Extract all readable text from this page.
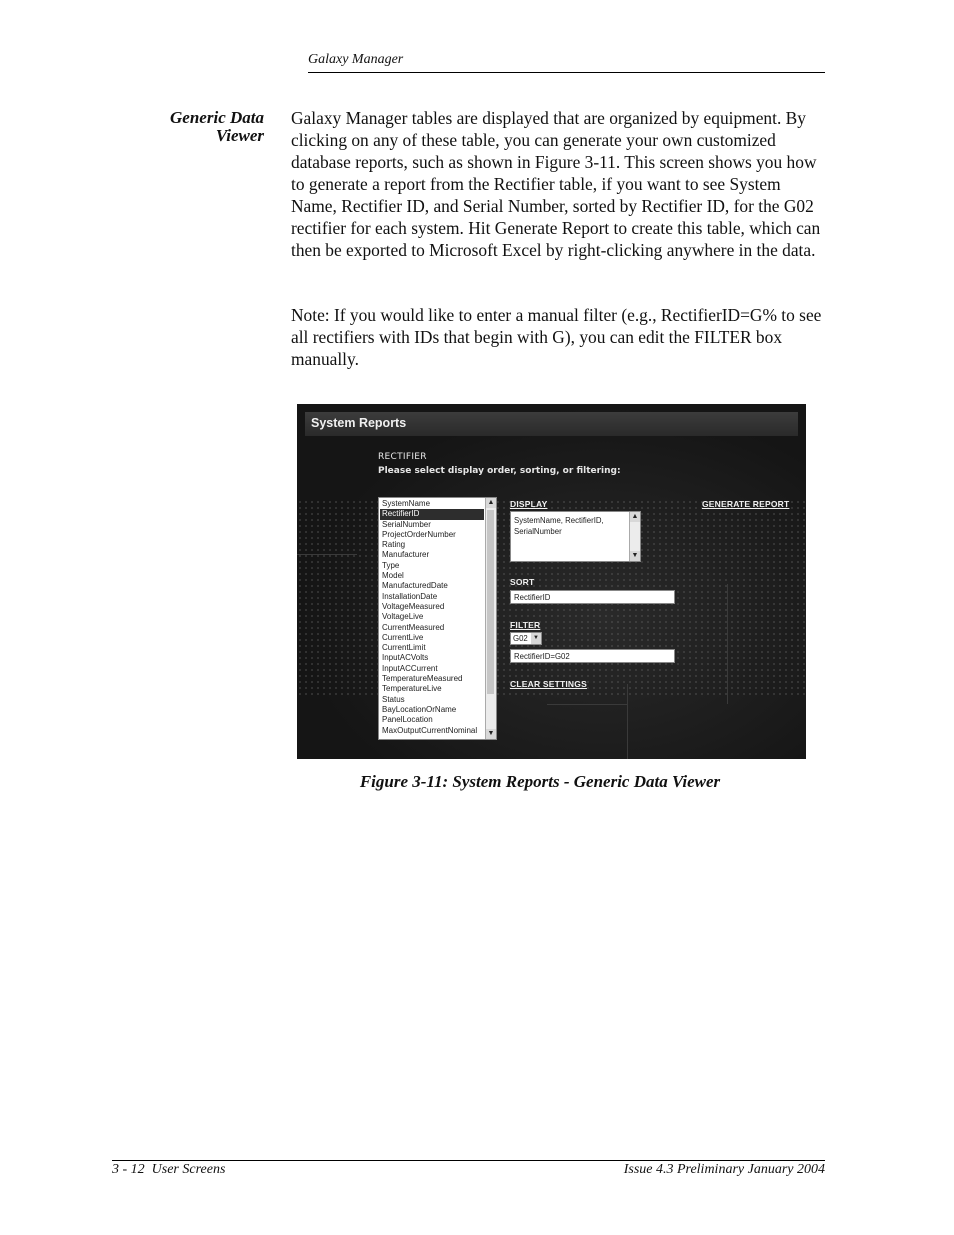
Galaxy Manager
Generic Data
Viewer

Galaxy Manager tables are displayed that are organized by equipment. By clicking on any of these table, you can generate your own customized database reports, such as shown in Figure 3-11. This screen shows you how to generate a report from the Rectifier table, if you want to see System Name, Rectifier ID, and Serial Number, sorted by Rectifier ID, for the G02 rectifier for each system. Hit Generate Report to create this table, which can then be exported to Microsoft Excel by right-clicking anywhere in the data.

Note: If you would like to enter a manual filter (e.g., RectifierID=G% to see all rectifiers with IDs that begin with G), you can edit the FILTER box manually.

System Reports
RECTIFIER
Please select display order, sorting, or filtering:
SystemName
RectifierID
SerialNumber
ProjectOrderNumber
Rating
Manufacturer
Type
Model
ManufacturedDate
InstallationDate
VoltageMeasured
VoltageLive
CurrentMeasured
CurrentLive
CurrentLimit
InputACVolts
InputACCurrent
TemperatureMeasured
TemperatureLive
Status
BayLocationOrName
PanelLocation
MaxOutputCurrentNominal
▲
▼
DISPLAY	GENERATE REPORT
SystemName, RectifierID, SerialNumber
▲
▼
SORT
RectifierID
FILTER
G02 ▼
RectifierID=G02
CLEAR SETTINGS
Figure 3-11: System Reports - Generic Data Viewer
3 - 12  User Screens	Issue 4.3 Preliminary January 2004
